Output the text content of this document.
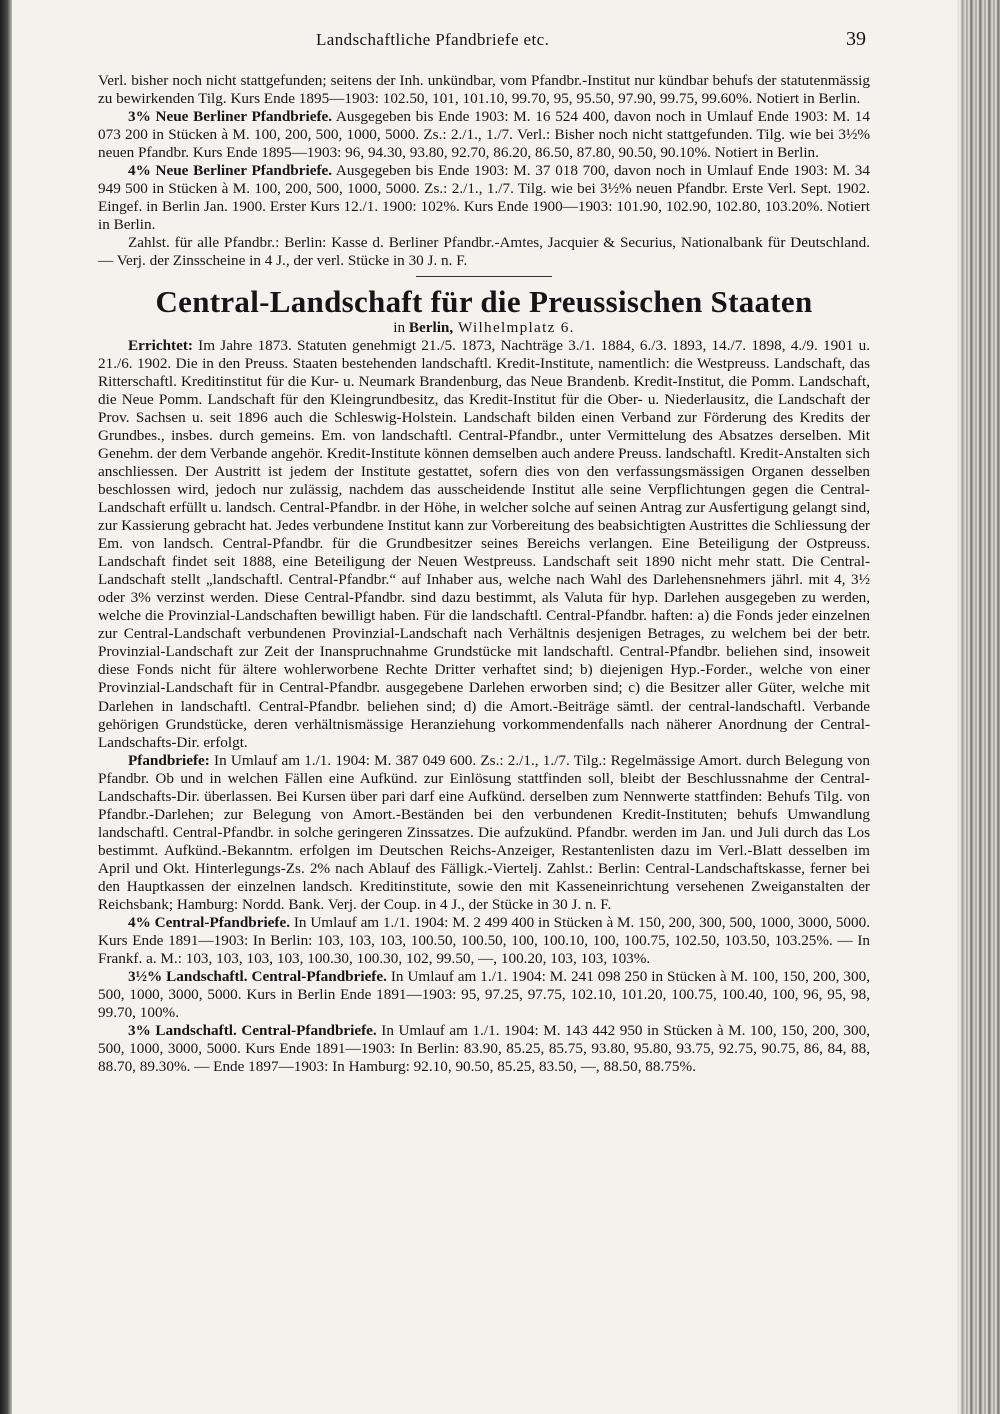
Landschaftliche Pfandbriefe etc.	39

Verl. bisher noch nicht stattgefunden; seitens der Inh. unkündbar, vom Pfandbr.-Institut nur kündbar behufs der statutenmässig zu bewirkenden Tilg. Kurs Ende 1895—1903: 102.50, 101, 101.10, 99.70, 95, 95.50, 97.90, 99.75, 99.60%. Notiert in Berlin.

3% Neue Berliner Pfandbriefe. Ausgegeben bis Ende 1903: M. 16 524 400, davon noch in Umlauf Ende 1903: M. 14 073 200 in Stücken à M. 100, 200, 500, 1000, 5000. Zs.: 2./1., 1./7. Verl.: Bisher noch nicht stattgefunden. Tilg. wie bei 3½% neuen Pfandbr. Kurs Ende 1895—1903: 96, 94.30, 93.80, 92.70, 86.20, 86.50, 87.80, 90.50, 90.10%. Notiert in Berlin.

4% Neue Berliner Pfandbriefe. Ausgegeben bis Ende 1903: M. 37 018 700, davon noch in Umlauf Ende 1903: M. 34 949 500 in Stücken à M. 100, 200, 500, 1000, 5000. Zs.: 2./1., 1./7. Tilg. wie bei 3½% neuen Pfandbr. Erste Verl. Sept. 1902. Eingef. in Berlin Jan. 1900. Erster Kurs 12./1. 1900: 102%. Kurs Ende 1900—1903: 101.90, 102.90, 102.80, 103.20%. Notiert in Berlin.

Zahlst. für alle Pfandbr.: Berlin: Kasse d. Berliner Pfandbr.-Amtes, Jacquier & Securius, Nationalbank für Deutschland. — Verj. der Zinsscheine in 4 J., der verl. Stücke in 30 J. n. F.

Central-Landschaft für die Preussischen Staaten

in Berlin, Wilhelmplatz 6.

Errichtet: Im Jahre 1873. Statuten genehmigt 21./5. 1873, Nachträge 3./1. 1884, 6./3. 1893, 14./7. 1898, 4./9. 1901 u. 21./6. 1902. Die in den Preuss. Staaten bestehenden landschaftl. Kredit-Institute, namentlich: die Westpreuss. Landschaft, das Ritterschaftl. Kreditinstitut für die Kur- u. Neumark Brandenburg, das Neue Brandenb. Kredit-Institut, die Pomm. Landschaft, die Neue Pomm. Landschaft für den Kleingrundbesitz, das Kredit-Institut für die Ober- u. Niederlausitz, die Landschaft der Prov. Sachsen u. seit 1896 auch die Schleswig-Holstein. Landschaft bilden einen Verband zur Förderung des Kredits der Grundbes., insbes. durch gemeins. Em. von landschaftl. Central-Pfandbr., unter Vermittelung des Absatzes derselben. Mit Genehm. der dem Verbande angehör. Kredit-Institute können demselben auch andere Preuss. landschaftl. Kredit-Anstalten sich anschliessen. Der Austritt ist jedem der Institute gestattet, sofern dies von den verfassungsmässigen Organen desselben beschlossen wird, jedoch nur zulässig, nachdem das ausscheidende Institut alle seine Verpflichtungen gegen die Central-Landschaft erfüllt u. landsch. Central-Pfandbr. in der Höhe, in welcher solche auf seinen Antrag zur Ausfertigung gelangt sind, zur Kassierung gebracht hat. Jedes verbundene Institut kann zur Vorbereitung des beabsichtigten Austrittes die Schliessung der Em. von landsch. Central-Pfandbr. für die Grundbesitzer seines Bereichs verlangen. Eine Beteiligung der Ostpreuss. Landschaft findet seit 1888, eine Beteiligung der Neuen Westpreuss. Landschaft seit 1890 nicht mehr statt. Die Central-Landschaft stellt „landschaftl. Central-Pfandbr.“ auf Inhaber aus, welche nach Wahl des Darlehensnehmers jährl. mit 4, 3½ oder 3% verzinst werden. Diese Central-Pfandbr. sind dazu bestimmt, als Valuta für hyp. Darlehen ausgegeben zu werden, welche die Provinzial-Landschaften bewilligt haben. Für die landschaftl. Central-Pfandbr. haften: a) die Fonds jeder einzelnen zur Central-Landschaft verbundenen Provinzial-Landschaft nach Verhältnis desjenigen Betrages, zu welchem bei der betr. Provinzial-Landschaft zur Zeit der Inanspruchnahme Grundstücke mit landschaftl. Central-Pfandbr. beliehen sind, insoweit diese Fonds nicht für ältere wohlerworbene Rechte Dritter verhaftet sind; b) diejenigen Hyp.-Forder., welche von einer Provinzial-Landschaft für in Central-Pfandbr. ausgegebene Darlehen erworben sind; c) die Besitzer aller Güter, welche mit Darlehen in landschaftl. Central-Pfandbr. beliehen sind; d) die Amort.-Beiträge sämtl. der central-landschaftl. Verbande gehörigen Grundstücke, deren verhältnismässige Heranziehung vorkommendenfalls nach näherer Anordnung der Central-Landschafts-Dir. erfolgt.

Pfandbriefe: In Umlauf am 1./1. 1904: M. 387 049 600. Zs.: 2./1., 1./7. Tilg.: Regelmässige Amort. durch Belegung von Pfandbr. Ob und in welchen Fällen eine Aufkünd. zur Einlösung stattfinden soll, bleibt der Beschlussnahme der Central-Landschafts-Dir. überlassen. Bei Kursen über pari darf eine Aufkünd. derselben zum Nennwerte stattfinden: Behufs Tilg. von Pfandbr.-Darlehen; zur Belegung von Amort.-Beständen bei den verbundenen Kredit-Instituten; behufs Umwandlung landschaftl. Central-Pfandbr. in solche geringeren Zinssatzes. Die aufzukünd. Pfandbr. werden im Jan. und Juli durch das Los bestimmt. Aufkünd.-Bekanntm. erfolgen im Deutschen Reichs-Anzeiger, Restantenlisten dazu im Verl.-Blatt desselben im April und Okt. Hinterlegungs-Zs. 2% nach Ablauf des Fälligk.-Viertelj. Zahlst.: Berlin: Central-Landschaftskasse, ferner bei den Hauptkassen der einzelnen landsch. Kreditinstitute, sowie den mit Kasseneinrichtung versehenen Zweiganstalten der Reichsbank; Hamburg: Nordd. Bank. Verj. der Coup. in 4 J., der Stücke in 30 J. n. F.

4% Central-Pfandbriefe. In Umlauf am 1./1. 1904: M. 2 499 400 in Stücken à M. 150, 200, 300, 500, 1000, 3000, 5000. Kurs Ende 1891—1903: In Berlin: 103, 103, 103, 100.50, 100.50, 100, 100.10, 100, 100.75, 102.50, 103.50, 103.25%. — In Frankf. a. M.: 103, 103, 103, 103, 100.30, 100.30, 102, 99.50, —, 100.20, 103, 103, 103%.

3½% Landschaftl. Central-Pfandbriefe. In Umlauf am 1./1. 1904: M. 241 098 250 in Stücken à M. 100, 150, 200, 300, 500, 1000, 3000, 5000. Kurs in Berlin Ende 1891—1903: 95, 97.25, 97.75, 102.10, 101.20, 100.75, 100.40, 100, 96, 95, 98, 99.70, 100%.

3% Landschaftl. Central-Pfandbriefe. In Umlauf am 1./1. 1904: M. 143 442 950 in Stücken à M. 100, 150, 200, 300, 500, 1000, 3000, 5000. Kurs Ende 1891—1903: In Berlin: 83.90, 85.25, 85.75, 93.80, 95.80, 93.75, 92.75, 90.75, 86, 84, 88, 88.70, 89.30%. — Ende 1897—1903: In Hamburg: 92.10, 90.50, 85.25, 83.50, —, 88.50, 88.75%.
